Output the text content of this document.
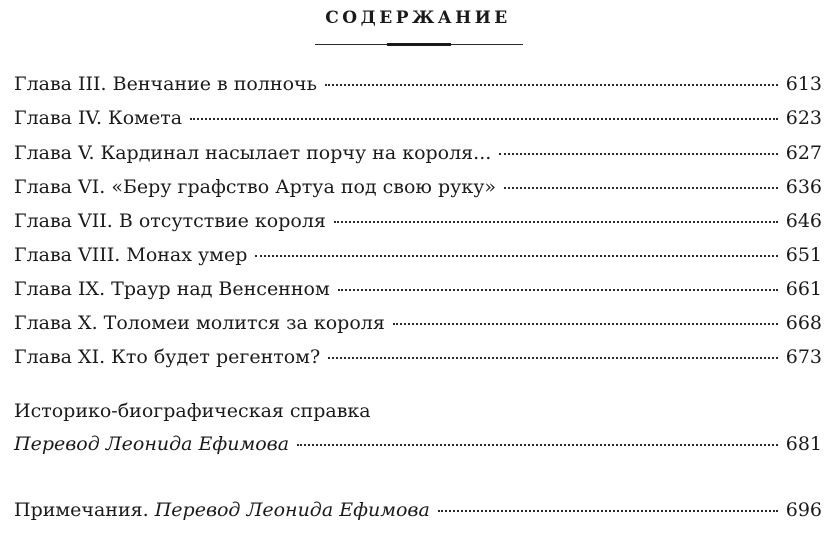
СОДЕРЖАНИЕ
Глава III. Венчание в полночь	613
Глава IV. Комета	623
Глава V. Кардинал насылает порчу на короля...	627
Глава VI. «Беру графство Артуа под свою руку»	636
Глава VII. В отсутствие короля	646
Глава VIII. Монах умер	651
Глава IX. Траур над Венсенном	661
Глава X. Толомеи молится за короля	668
Глава XI. Кто будет регентом?	673
Историко-биографическая справка
Перевод Леонида Ефимова	681
Примечания. Перевод Леонида Ефимова	696
